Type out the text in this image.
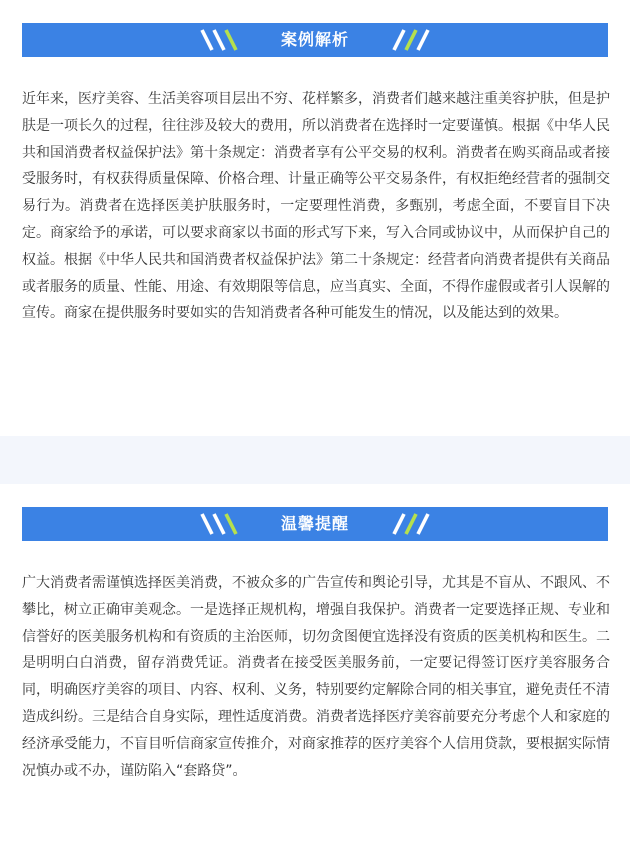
案例解析

近年来，医疗美容、生活美容项目层出不穷、花样繁多，消费者们越来越注重美容护肤，但是护肤是一项长久的过程，往往涉及较大的费用，所以消费者在选择时一定要谨慎。根据《中华人民共和国消费者权益保护法》第十条规定：消费者享有公平交易的权利。消费者在购买商品或者接受服务时，有权获得质量保障、价格合理、计量正确等公平交易条件，有权拒绝经营者的强制交易行为。消费者在选择医美护肤服务时，一定要理性消费，多甄别，考虑全面，不要盲目下决定。商家给予的承诺，可以要求商家以书面的形式写下来，写入合同或协议中，从而保护自己的权益。根据《中华人民共和国消费者权益保护法》第二十条规定：经营者向消费者提供有关商品或者服务的质量、性能、用途、有效期限等信息，应当真实、全面，不得作虚假或者引人误解的宣传。商家在提供服务时要如实的告知消费者各种可能发生的情况，以及能达到的效果。

温馨提醒

广大消费者需谨慎选择医美消费，不被众多的广告宣传和舆论引导，尤其是不盲从、不跟风、不攀比，树立正确审美观念。一是选择正规机构，增强自我保护。消费者一定要选择正规、专业和信誉好的医美服务机构和有资质的主治医师，切勿贪图便宜选择没有资质的医美机构和医生。二是明明白白消费，留存消费凭证。消费者在接受医美服务前，一定要记得签订医疗美容服务合同，明确医疗美容的项目、内容、权利、义务，特别要约定解除合同的相关事宜，避免责任不清造成纠纷。三是结合自身实际，理性适度消费。消费者选择医疗美容前要充分考虑个人和家庭的经济承受能力，不盲目听信商家宣传推介，对商家推荐的医疗美容个人信用贷款，要根据实际情况慎办或不办，谨防陷入“套路贷”。
